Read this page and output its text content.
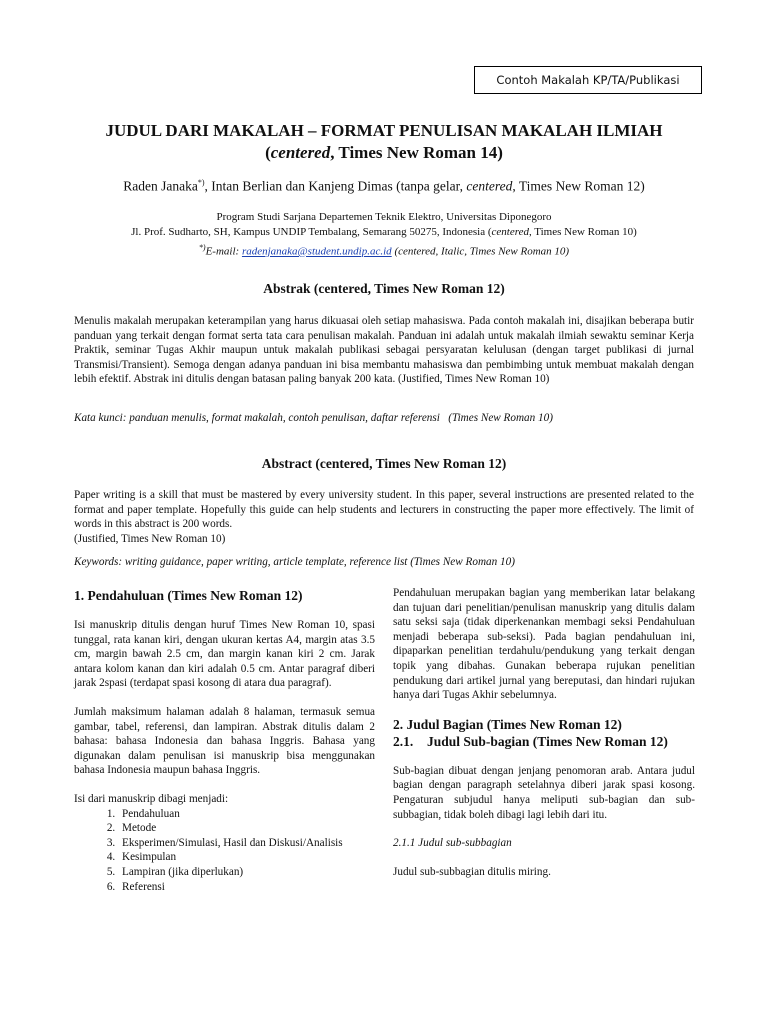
Contoh Makalah KP/TA/Publikasi
JUDUL DARI MAKALAH – FORMAT PENULISAN MAKALAH ILMIAH
(centered, Times New Roman 14)
Raden Janaka*), Intan Berlian dan Kanjeng Dimas (tanpa gelar, centered, Times New Roman 12)
Program Studi Sarjana Departemen Teknik Elektro, Universitas Diponegoro
Jl. Prof. Sudharto, SH, Kampus UNDIP Tembalang, Semarang 50275, Indonesia (centered, Times New Roman 10)
*)E-mail: radenjanaka@student.undip.ac.id (centered, Italic, Times New Roman 10)
Abstrak (centered, Times New Roman 12)

Menulis makalah merupakan keterampilan yang harus dikuasai oleh setiap mahasiswa. Pada contoh makalah ini, disajikan beberapa butir panduan yang terkait dengan format serta tata cara penulisan makalah. Panduan ini adalah untuk makalah ilmiah sewaktu seminar Kerja Praktik, seminar Tugas Akhir maupun untuk makalah publikasi sebagai persyaratan kelulusan (dengan target publikasi di jurnal Transmisi/Transient). Semoga dengan adanya panduan ini bisa membantu mahasiswa dan pembimbing untuk membuat makalah dengan lebih efektif. Abstrak ini ditulis dengan batasan paling banyak 200 kata. (Justified, Times New Roman 10)

Kata kunci: panduan menulis, format makalah, contoh penulisan, daftar referensi (Times New Roman 10)
Abstract (centered, Times New Roman 12)

Paper writing is a skill that must be mastered by every university student. In this paper, several instructions are presented related to the format and paper template. Hopefully this guide can help students and lecturers in constructing the paper more effectively. The limit of words in this abstract is 200 words.
(Justified, Times New Roman 10)

Keywords: writing guidance, paper writing, article template, reference list (Times New Roman 10)
1. Pendahuluan (Times New Roman 12)

Isi manuskrip ditulis dengan huruf Times New Roman 10, spasi tunggal, rata kanan kiri, dengan ukuran kertas A4, margin atas 3.5 cm, margin bawah 2.5 cm, dan margin kanan kiri 2 cm. Jarak antara kolom kanan dan kiri adalah 0.5 cm. Antar paragraf diberi jarak 2spasi (terdapat spasi kosong di atara dua paragraf).

Jumlah maksimum halaman adalah 8 halaman, termasuk semua gambar, tabel, referensi, dan lampiran. Abstrak ditulis dalam 2 bahasa: bahasa Indonesia dan bahasa Inggris. Bahasa yang digunakan dalam penulisan isi manuskrip bisa menggunakan bahasa Indonesia maupun bahasa Inggris.

Isi dari manuskrip dibagi menjadi:

1. Pendahuluan
2. Metode
3. Eksperimen/Simulasi, Hasil dan Diskusi/Analisis
4. Kesimpulan
5. Lampiran (jika diperlukan)
6. Referensi

Pendahuluan merupakan bagian yang memberikan latar belakang dan tujuan dari penelitian/penulisan manuskrip yang ditulis dalam satu seksi saja (tidak diperkenankan membagi seksi Pendahuluan menjadi beberapa sub-seksi). Pada bagian pendahuluan ini, dipaparkan penelitian terdahulu/pendukung yang terkait dengan topik yang dibahas. Gunakan beberapa rujukan penelitian pendukung dari artikel jurnal yang bereputasi, dan hindari rujukan hanya dari Tugas Akhir sebelumnya.

2. Judul Bagian (Times New Roman 12)
2.1.	Judul Sub-bagian (Times New Roman 12)

Sub-bagian dibuat dengan jenjang penomoran arab. Antara judul bagian dengan paragraph setelahnya diberi jarak spasi kosong. Pengaturan subjudul hanya meliputi sub-bagian dan sub-subbagian, tidak boleh dibagi lagi lebih dari itu.

2.1.1 Judul sub-subbagian

Judul sub-subbagian ditulis miring.
